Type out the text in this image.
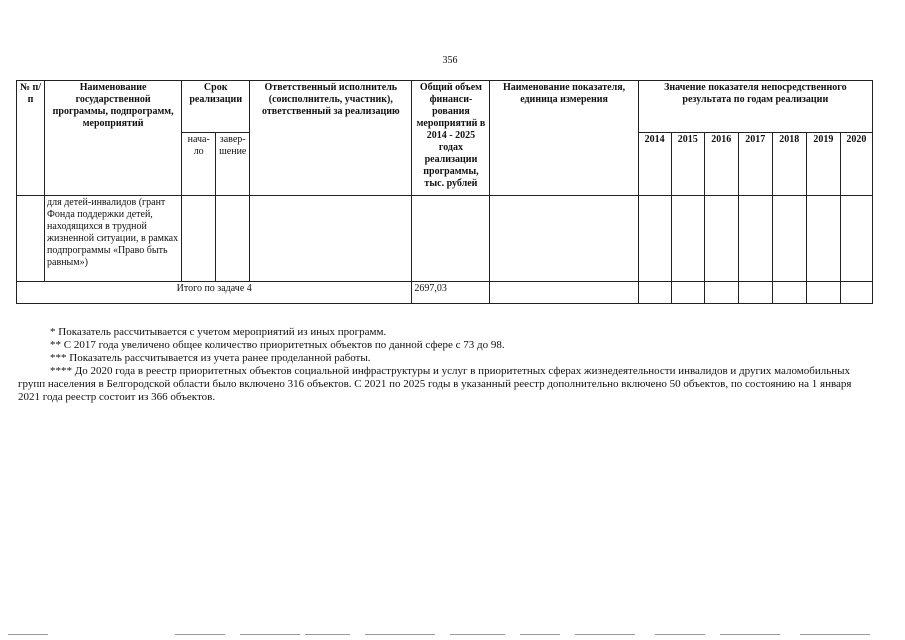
356
№ п/п	Наименование государственной программы, подпрограмм, мероприятий	Срок реализации		Ответственный исполнитель (соисполнитель, участник), ответственный за реализацию	Общий объем финанси-рования мероприятий в 2014 - 2025 годах реализации программы, тыс. рублей	Наименование показателя, единица измерения	Значение показателя непосредственного результата по годам реализации						
		нача-ло	завер-шение				2014	2015	2016	2017	2018	2019	2020
	для детей-инвалидов (грант Фонда поддержки детей, находящихся в трудной жизненной ситуации, в рамках подпрограммы «Право быть равным»)												
Итого по задаче 4					2697,03								

* Показатель рассчитывается с учетом мероприятий из иных программ.

** С 2017 года увеличено общее количество приоритетных объектов по данной сфере с 73 до 98.

*** Показатель рассчитывается из учета ранее проделанной работы.

**** До 2020 года в реестр приоритетных объектов социальной инфраструктуры и услуг в приоритетных сферах жизнедеятельности инвалидов и других маломобильных групп населения в Белгородской области было включено 316 объектов. С 2021 по 2025 годы в указанный реестр дополнительно включено 50 объектов, по состоянию на 1 января 2021 года реестр состоит из 366 объектов.
